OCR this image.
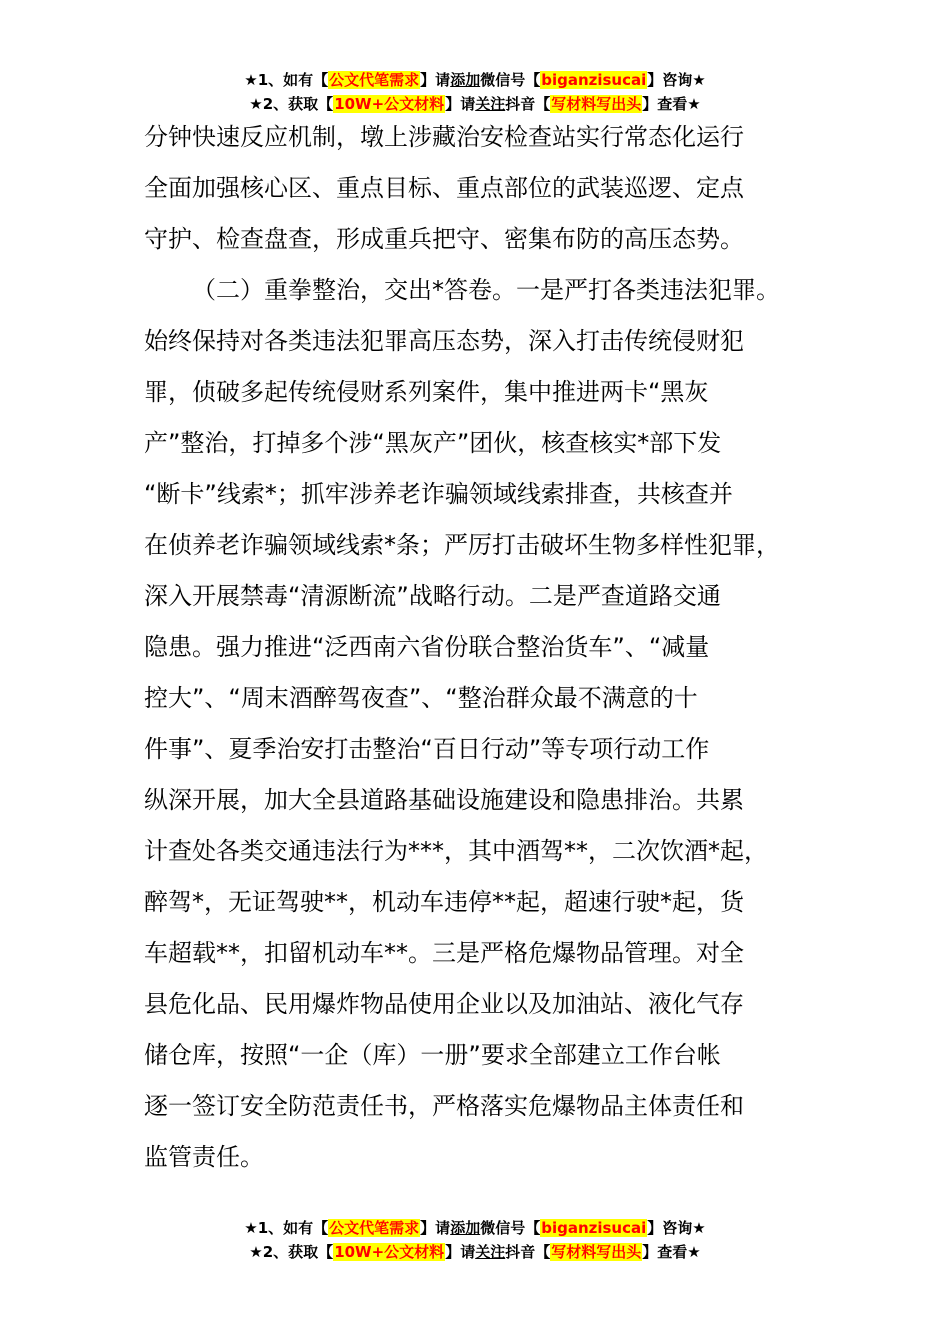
★1、如有【公文代笔需求】请添加微信号【biganzisucai】咨询★
★2、获取【10W+公文材料】请关注抖音【写材料写出头】查看★
分钟快速反应机制，墩上涉藏治安检查站实行常态化运行
全面加强核心区、重点目标、重点部位的武装巡逻、定点
守护、检查盘查，形成重兵把守、密集布防的高压态势。
（二）重拳整治，交出*答卷。一是严打各类违法犯罪。
始终保持对各类违法犯罪高压态势，深入打击传统侵财犯
罪，侦破多起传统侵财系列案件，集中推进两卡“黑灰
产”整治，打掉多个涉“黑灰产”团伙，核查核实*部下发
“断卡”线索*；抓牢涉养老诈骗领域线索排查，共核查并
在侦养老诈骗领域线索*条；严厉打击破坏生物多样性犯罪，
深入开展禁毒“清源断流”战略行动。二是严查道路交通
隐患。强力推进“泛西南六省份联合整治货车”、“减量
控大”、“周末酒醉驾夜查”、“整治群众最不满意的十
件事”、夏季治安打击整治“百日行动”等专项行动工作
纵深开展，加大全县道路基础设施建设和隐患排治。共累
计查处各类交通违法行为***，其中酒驾**，二次饮酒*起，
醉驾*，无证驾驶**，机动车违停**起，超速行驶*起，货
车超载**，扣留机动车**。三是严格危爆物品管理。对全
县危化品、民用爆炸物品使用企业以及加油站、液化气存
储仓库，按照“一企（库）一册”要求全部建立工作台帐
逐一签订安全防范责任书，严格落实危爆物品主体责任和
监管责任。
★1、如有【公文代笔需求】请添加微信号【biganzisucai】咨询★
★2、获取【10W+公文材料】请关注抖音【写材料写出头】查看★
